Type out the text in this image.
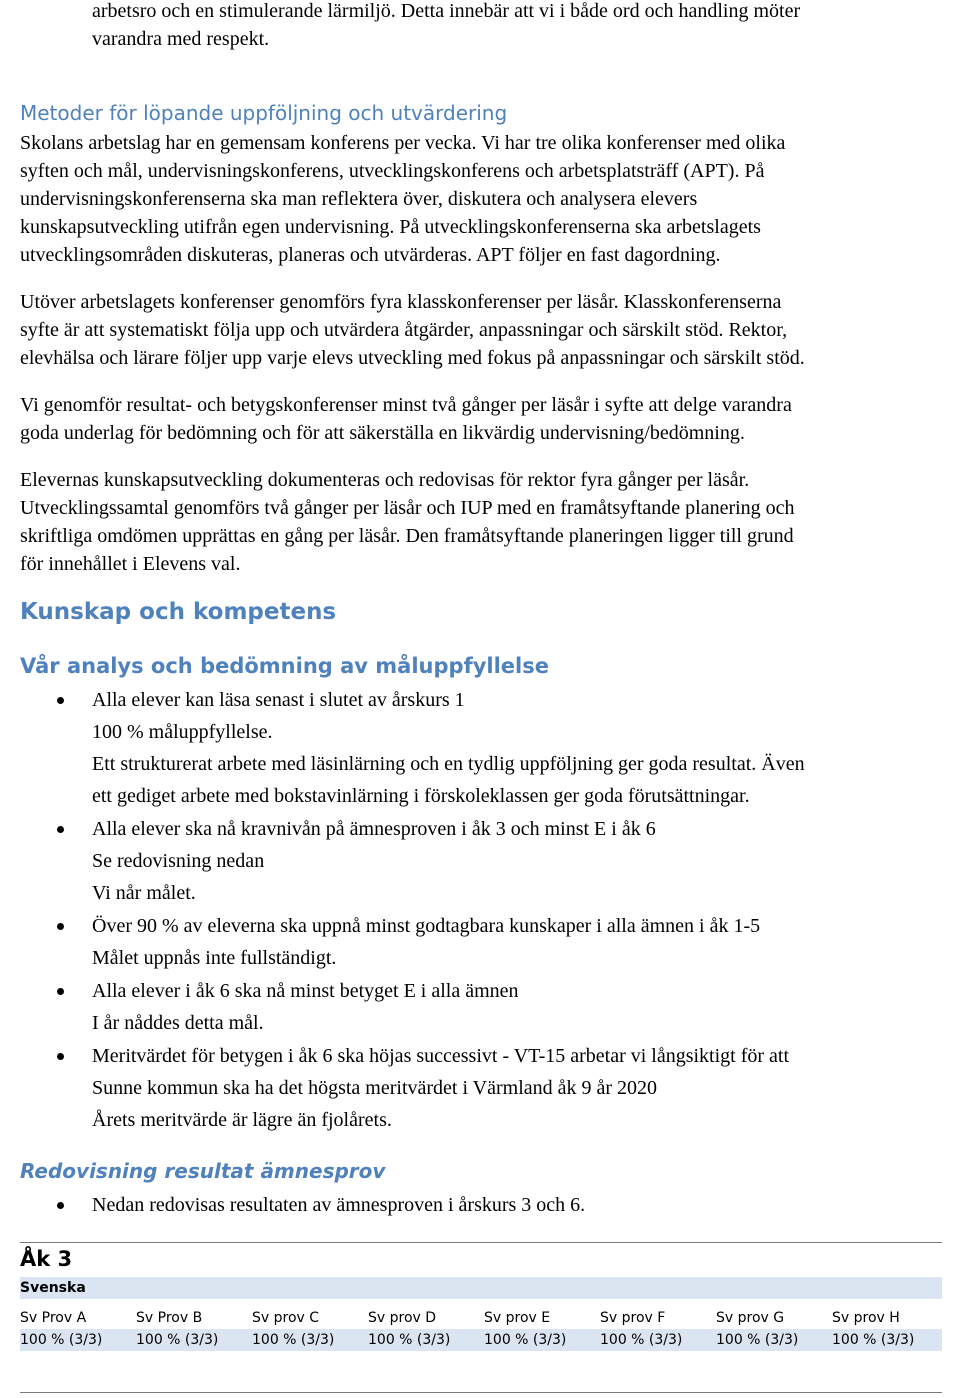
arbetsro och en stimulerande lärmiljö. Detta innebär att vi i både ord och handling möter

varandra med respekt.

Metoder för löpande uppföljning och utvärdering

Skolans arbetslag har en gemensam konferens per vecka. Vi har tre olika konferenser med olika

syften och mål, undervisningskonferens, utvecklingskonferens och arbetsplatsträff (APT). På

undervisningskonferenserna ska man reflektera över, diskutera och analysera elevers

kunskapsutveckling utifrån egen undervisning. På utvecklingskonferenserna ska arbetslagets

utvecklingsområden diskuteras, planeras och utvärderas. APT följer en fast dagordning.

Utöver arbetslagets konferenser genomförs fyra klasskonferenser per läsår. Klasskonferenserna

syfte är att systematiskt följa upp och utvärdera åtgärder, anpassningar och särskilt stöd. Rektor,

elevhälsa och lärare följer upp varje elevs utveckling med fokus på anpassningar och särskilt stöd.

Vi genomför resultat- och betygskonferenser minst två gånger per läsår i syfte att delge varandra

goda underlag för bedömning och för att säkerställa en likvärdig undervisning/bedömning.

Elevernas kunskapsutveckling dokumenteras och redovisas för rektor fyra gånger per läsår.

Utvecklingssamtal genomförs två gånger per läsår och IUP med en framåtsyftande planering och

skriftliga omdömen upprättas en gång per läsår. Den framåtsyftande planeringen ligger till grund

för innehållet i Elevens val.

Kunskap och kompetens
Vår analys och bedömning av måluppfyllelse
Alla elever kan läsa senast i slutet av årskurs 1
100 % måluppfyllelse.
Ett strukturerat arbete med läsinlärning och en tydlig uppföljning ger goda resultat. Även
ett gediget arbete med bokstavinlärning i förskoleklassen ger goda förutsättningar.
Alla elever ska nå kravnivån på ämnesproven i åk 3 och minst E i åk 6
Se redovisning nedan
Vi når målet.
Över 90 % av eleverna ska uppnå minst godtagbara kunskaper i alla ämnen i åk 1-5
Målet uppnås inte fullständigt.
Alla elever i åk 6 ska nå minst betyget E i alla ämnen
I år nåddes detta mål.
Meritvärdet för betygen i åk 6 ska höjas successivt - VT-15 arbetar vi långsiktigt för att
Sunne kommun ska ha det högsta meritvärdet i Värmland åk 9 år 2020
Årets meritvärde är lägre än fjolårets.
Redovisning resultat ämnesprov
Nedan redovisas resultaten av ämnesproven i årskurs 3 och 6.
Åk 3
Svenska
Sv Prov A	Sv Prov B	Sv prov C	Sv prov D	Sv prov E	Sv prov F	Sv prov G	Sv prov H
100 % (3/3)	100 % (3/3)	100 % (3/3)	100 % (3/3)	100 % (3/3)	100 % (3/3)	100 % (3/3)	100 % (3/3)
